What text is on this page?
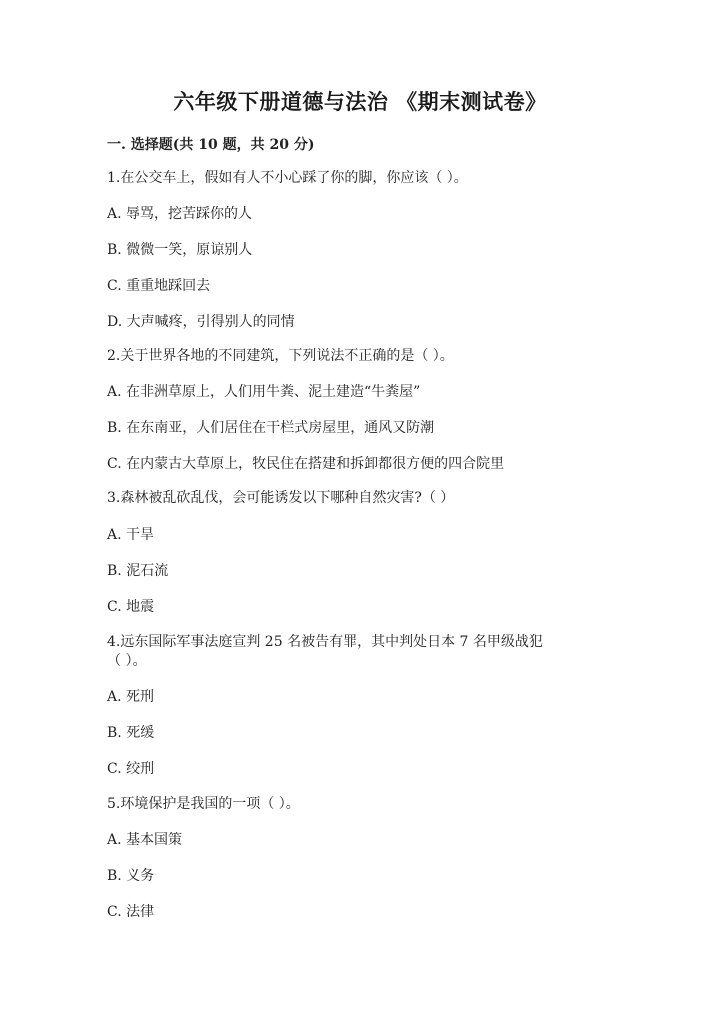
六年级下册道德与法治 《期末测试卷》
一. 选择题(共 10 题，共 20 分)
1.在公交车上，假如有人不小心踩了你的脚，你应该（ ）。
A. 辱骂，挖苦踩你的人
B. 微微一笑，原谅别人
C. 重重地踩回去
D. 大声喊疼，引得别人的同情
2.关于世界各地的不同建筑，下列说法不正确的是（ ）。
A. 在非洲草原上，人们用牛粪、泥土建造“牛粪屋”
B. 在东南亚，人们居住在干栏式房屋里，通风又防潮
C. 在内蒙古大草原上，牧民住在搭建和拆卸都很方便的四合院里
3.森林被乱砍乱伐，会可能诱发以下哪种自然灾害?（ ）
A. 干旱
B. 泥石流
C. 地震
4.远东国际军事法庭宣判 25 名被告有罪，其中判处日本 7 名甲级战犯
（ ）。
A. 死刑
B. 死缓
C. 绞刑
5.环境保护是我国的一项（ ）。
A. 基本国策
B. 义务
C. 法律
